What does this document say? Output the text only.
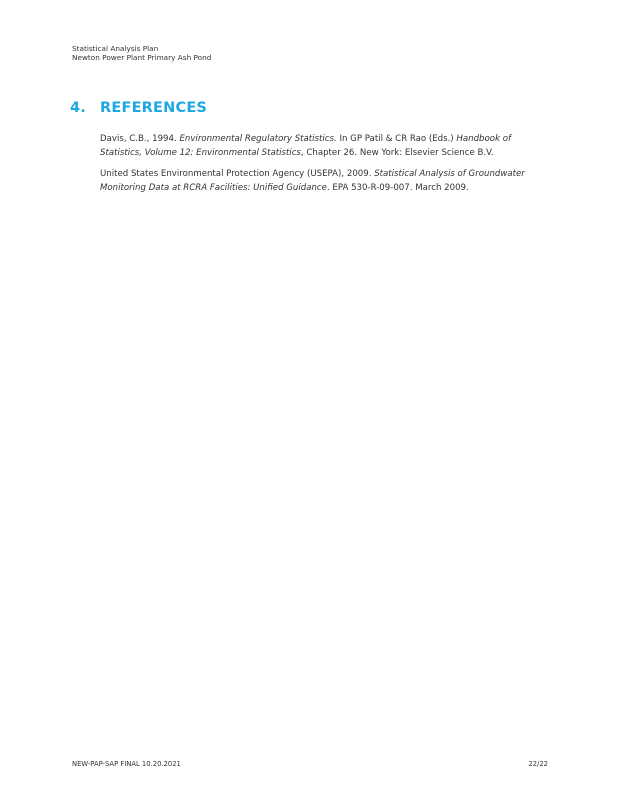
Statistical Analysis Plan
Newton Power Plant Primary Ash Pond
4. REFERENCES

Davis, C.B., 1994. Environmental Regulatory Statistics. In GP Patil & CR Rao (Eds.) Handbook of Statistics, Volume 12: Environmental Statistics, Chapter 26. New York: Elsevier Science B.V.

United States Environmental Protection Agency (USEPA), 2009. Statistical Analysis of Groundwater Monitoring Data at RCRA Facilities: Unified Guidance. EPA 530-R-09-007. March 2009.

NEW-PAP-SAP FINAL 10.20.2021	22/22
